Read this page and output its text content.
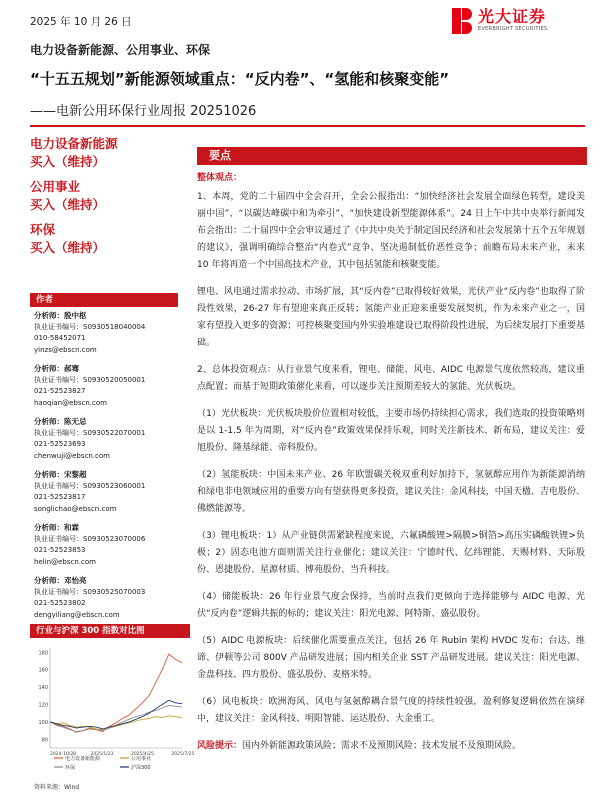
2025 年 10 月 26 日	光大证券
EVERBRIGHT SECURITIES
电力设备新能源、公用事业、环保
“十五五规划”新能源领域重点：“反内卷”、“氢能和核聚变能”
——电新公用环保行业周报 20251026
电力设备新能源
买入（维持）
公用事业
买入（维持）
环保
买入（维持）
作者
分析师：殷中枢
执业证书编号：S0930518040004
010-58452071
yinzs@ebscn.com
分析师：郝骞
执业证书编号：S0930520050001
021-52523827
haoqian@ebscn.com
分析师：陈无忌
执业证书编号：S0930522070001
021-52523693
chenwuji@ebscn.com
分析师：宋黎超
执业证书编号：S0930523060001
021-52523817
songlichao@ebscn.com
分析师：和霖
执业证书编号：S0930523070006
021-52523853
helin@ebscn.com
分析师：邓怡亮
执业证书编号：S0930525070003
021-52523802
dengyiliang@ebscn.com
行业与沪深 300 指数对比图
80
100
120
140
160
180
2024-10/28	2025/1/23	2025/4/25	2025/7/25
电力设备新能源	公用事业
环保	沪深300
资料来源：Wind
要点

整体观点：

1、本周，党的二十届四中全会召开，全会公报指出：“加快经济社会发展全面绿色转型，建设美丽中国”、“以碳达峰碳中和为牵引”、“加快建设新型能源体系”。24 日上午中共中央举行新闻发布会指出：二十届四中全会审议通过了《中共中央关于制定国民经济和社会发展第十五个五年规划的建议》，强调明确综合整治“内卷式”竞争、坚决遏制低价恶性竞争；前瞻布局未来产业，未来 10 年将再造一个中国高技术产业，其中包括氢能和核聚变能。

锂电、风电通过需求拉动、市场扩展，其“反内卷”已取得较好效果，光伏产业“反内卷”也取得了阶段性效果，26-27 年有望迎来真正反转；氢能产业正迎来重要发展契机，作为未来产业之一，国家有望投入更多的资源；可控核聚变国内外实验堆建设已取得阶段性进展，为后续发展打下重要基础。

2、总体投资观点：从行业景气度来看，锂电、储能、风电、AIDC 电源景气度依然较高，建议重点配置；而基于短期政策催化来看，可以逐步关注预期差较大的氢能、光伏板块。

（1）光伏板块：光伏板块股价位置相对较低，主要市场仍持续担心需求，我们选取的投资策略则是以 1-1.5 年为周期，对“反内卷”政策效果保持乐观，同时关注新技术、新布局，建议关注：爱旭股份、隆基绿能、帝科股份。

（2）氢能板块：中国未来产业、26 年欧盟碳关税双重利好加持下，氢氨醇应用作为新能源消纳和绿电非电领域应用的重要方向有望获得更多投资，建议关注：金风科技，中国天楹、吉电股份、佛燃能源等。

（3）锂电板块：1）从产业链供需紧缺程度来说，六氟磷酸锂>隔膜>铜箔>高压实磷酸铁锂>负极；2）固态电池方面则需关注行业催化；建议关注：宁德时代、亿纬锂能、天赐材料、天际股份、恩捷股份、星源材质、博苑股份、当升科技。

（4）储能板块：26 年行业景气度会保持，当前时点我们更倾向于选择能够与 AIDC 电源、光伏“反内卷”逻辑共振的标的；建议关注：阳光电源、阿特斯、盛弘股份。

（5）AIDC 电源板块：后续催化需要重点关注，包括 26 年 Rubin 架构 HVDC 发布；台达、维谛、伊顿等公司 800V 产品研发进展；国内相关企业 SST 产品研发进展。建议关注：阳光电源、金盘科技、四方股份、盛弘股份、麦格米特。

（6）风电板块：欧洲海风、风电与氢氨醇耦合景气度的持续性较强，盈利修复逻辑依然在演绎中，建议关注：金风科技、明阳智能、运达股份、大金重工。

风险提示：国内外新能源政策风险；需求不及预期风险；技术发展不及预期风险。
